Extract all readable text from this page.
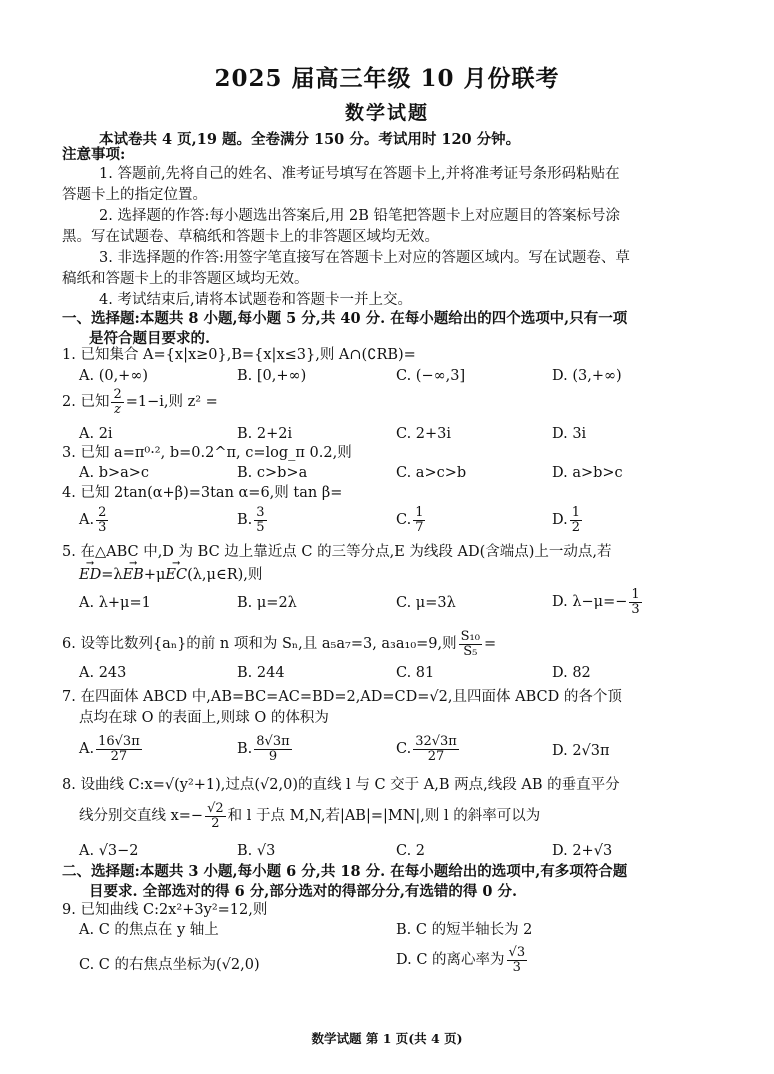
2025 届高三年级 10 月份联考
数学试题
本试卷共 4 页,19 题。全卷满分 150 分。考试用时 120 分钟。
注意事项:
1. 答题前,先将自己的姓名、准考证号填写在答题卡上,并将准考证号条形码粘贴在
答题卡上的指定位置。
2. 选择题的作答:每小题选出答案后,用 2B 铅笔把答题卡上对应题目的答案标号涂
黑。写在试题卷、草稿纸和答题卡上的非答题区域均无效。
3. 非选择题的作答:用签字笔直接写在答题卡上对应的答题区域内。写在试题卷、草
稿纸和答题卡上的非答题区域均无效。
4. 考试结束后,请将本试题卷和答题卡一并上交。
一、选择题:本题共 8 小题,每小题 5 分,共 40 分. 在每小题给出的四个选项中,只有一项
是符合题目要求的.
1. 已知集合 A={x|x≥0},B={x|x≤3},则 A∩(∁RB)=
A. (0,+∞)	B. [0,+∞)	C. (−∞,3]	D. (3,+∞)
2. 已知 $\frac{2}{z} =1-i$,则 z² =
A. 2i	B. 2+2i	C. 2+3i	D. 3i
3. 已知 a=π⁰·², b=0.2^π, c=log_π 0.2,则
A. b>a>c	B. c>b>a	C. a>c>b	D. a>b>c
4. 已知 2tan(α+β)=3tan α=6,则 tan β=
A. $\frac{2}{3}$	B. $\frac{3}{5}$	C. $\frac{1}{7}$	D. $\frac{1}{2}$
5. 在△ABC 中,D 为 BC 边上靠近点 C 的三等分点,E 为线段 AD(含端点)上一动点,若
→ ED=λ→ EB+μ→ EC(λ,μ∈R),则
A. λ+μ=1	B. μ=2λ	C. μ=3λ	D. $\lambda-\mu=- \frac{1}{3}$
6. 设等比数列{aₙ}的前 n 项和为 Sₙ,且 a₅a₇=3, a₃a₁₀=9,则 $\frac{\text{S₁₀}}{\text{S₅}}$ =
A. 243	B. 244	C. 81	D. 82
7. 在四面体 ABCD 中,AB=BC=AC=BD=2,AD=CD=√2,且四面体 ABCD 的各个顶
点均在球 O 的表面上,则球 O 的体积为
A. $\frac{16√3\pi}{27}$	B. $\frac{8√3\pi}{9}$	C. $\frac{32√3\pi}{27}$	D. 2√3π
8. 设曲线 C:x=√(y²+1),过点(√2,0)的直线 l 与 C 交于 A,B 两点,线段 AB 的垂直平分
线分别交直线 $x=- \frac{√2}{2}$ 和 l 于点 M,N,若|AB|=|MN|,则 l 的斜率可以为
A. √3−2	B. √3	C. 2	D. 2+√3
二、选择题:本题共 3 小题,每小题 6 分,共 18 分. 在每小题给出的选项中,有多项符合题
目要求. 全部选对的得 6 分,部分选对的得部分分,有选错的得 0 分.
9. 已知曲线 C:2x²+3y²=12,则
A. C 的焦点在 y 轴上	B. C 的短半轴长为 2
C. C 的右焦点坐标为(√2,0)	D. C 的离心率为 $\frac{√3}{3}$
数学试题 第 1 页(共 4 页)
